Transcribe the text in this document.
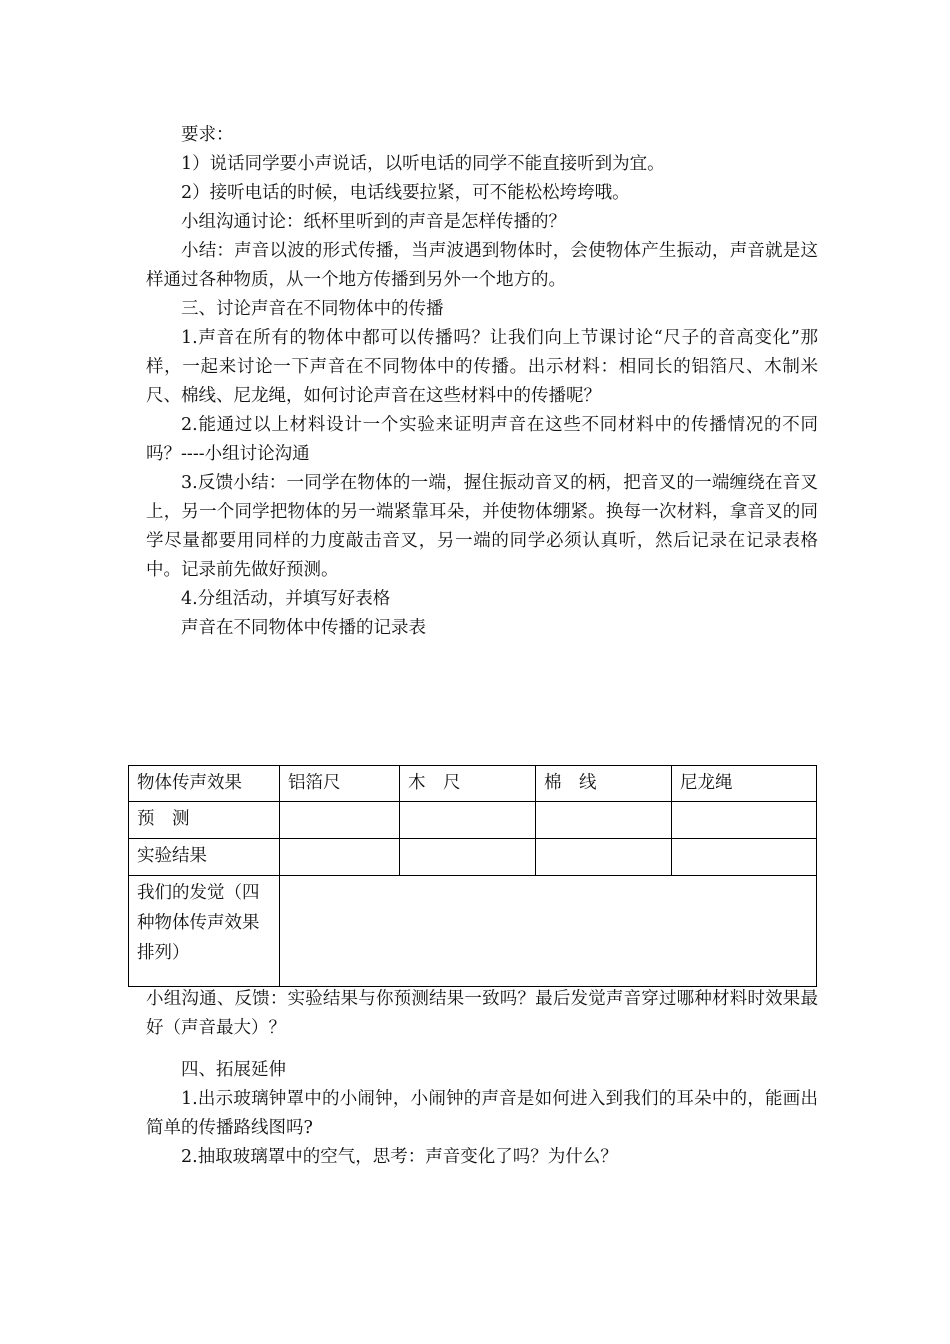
要求：

1）说话同学要小声说话，以听电话的同学不能直接听到为宜。

2）接听电话的时候，电话线要拉紧，可不能松松垮垮哦。

小组沟通讨论：纸杯里听到的声音是怎样传播的？

小结：声音以波的形式传播，当声波遇到物体时，会使物体产生振动，声音就是这样通过各种物质，从一个地方传播到另外一个地方的。

三、讨论声音在不同物体中的传播

1.声音在所有的物体中都可以传播吗？让我们向上节课讨论“尺子的音高变化”那样，一起来讨论一下声音在不同物体中的传播。出示材料：相同长的铝箔尺、木制米尺、棉线、尼龙绳，如何讨论声音在这些材料中的传播呢？

2.能通过以上材料设计一个实验来证明声音在这些不同材料中的传播情况的不同吗？----小组讨论沟通

3.反馈小结：一同学在物体的一端，握住振动音叉的柄，把音叉的一端缠绕在音叉上，另一个同学把物体的另一端紧靠耳朵，并使物体绷紧。换每一次材料，拿音叉的同学尽量都要用同样的力度敲击音叉，另一端的同学必须认真听，然后记录在记录表格中。记录前先做好预测。

4.分组活动，并填写好表格

声音在不同物体中传播的记录表

物体传声效果	铝箔尺	木　尺	棉　线	尼龙绳
预　测				
实验结果				
我们的发觉（四种物体传声效果排列）				

小组沟通、反馈：实验结果与你预测结果一致吗？最后发觉声音穿过哪种材料时效果最好（声音最大）？

四、拓展延伸

1.出示玻璃钟罩中的小闹钟，小闹钟的声音是如何进入到我们的耳朵中的，能画出简单的传播路线图吗?

2.抽取玻璃罩中的空气，思考：声音变化了吗？为什么？
